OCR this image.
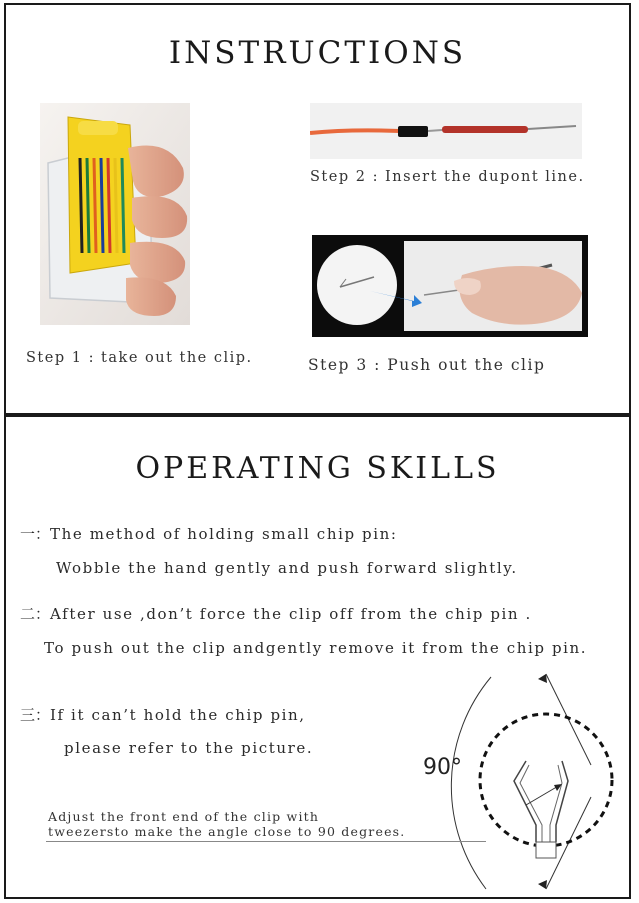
INSTRUCTIONS
Step 1 : take out the clip.
Step 2 : Insert the dupont line.
Step 3 : Push out the clip
OPERATING SKILLS
一：The method of holding small chip pin:
Wobble the hand gently and push forward slightly.
二：After use ,don’t force the clip off from the chip pin .
To push out the clip andgently remove it from the chip pin.
三：If it can’t hold the chip pin,
please refer to the picture.
90°
Adjust the front end of the clip with
tweezersto make the angle close to 90 degrees.
